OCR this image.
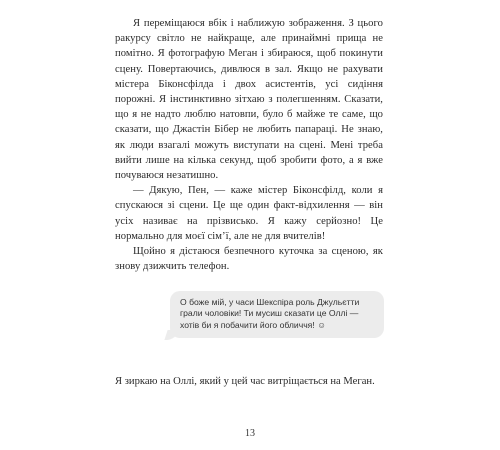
Я переміщаюся вбік і наближую зображення. З цього ракурсу світло не найкраще, але принаймні прища не помітно. Я фотографую Меган і збираюся, щоб покинути сцену. Повертаючись, дивлюся в зал. Якщо не рахувати містера Біконсфілда і двох асистентів, усі сидіння порожні. Я інстинктивно зітхаю з полегшенням. Сказати, що я не надто люблю натовпи, було б майже те саме, що сказати, що Джастін Бібер не любить папараці. Не знаю, як люди взагалі можуть виступати на сцені. Мені треба вийти лише на кілька секунд, щоб зробити фото, а я вже почуваюся незатишно.

— Дякую, Пен, — каже містер Біконсфілд, коли я спускаюся зі сцени. Це ще один факт-відхилення — він усіх називає на прізвисько. Я кажу серйозно! Це нормально для моєї сім’ї, але не для вчителів!

Щойно я дістаюся безпечного куточка за сценою, як знову дзижчить телефон.

О боже мій, у часи Шекспіра роль Джульєтти грали чоловіки! Ти мусиш сказати це Оллі — хотів би я побачити його обличчя! ☺

Я зиркаю на Оллі, який у цей час витріщається на Меган.

13
